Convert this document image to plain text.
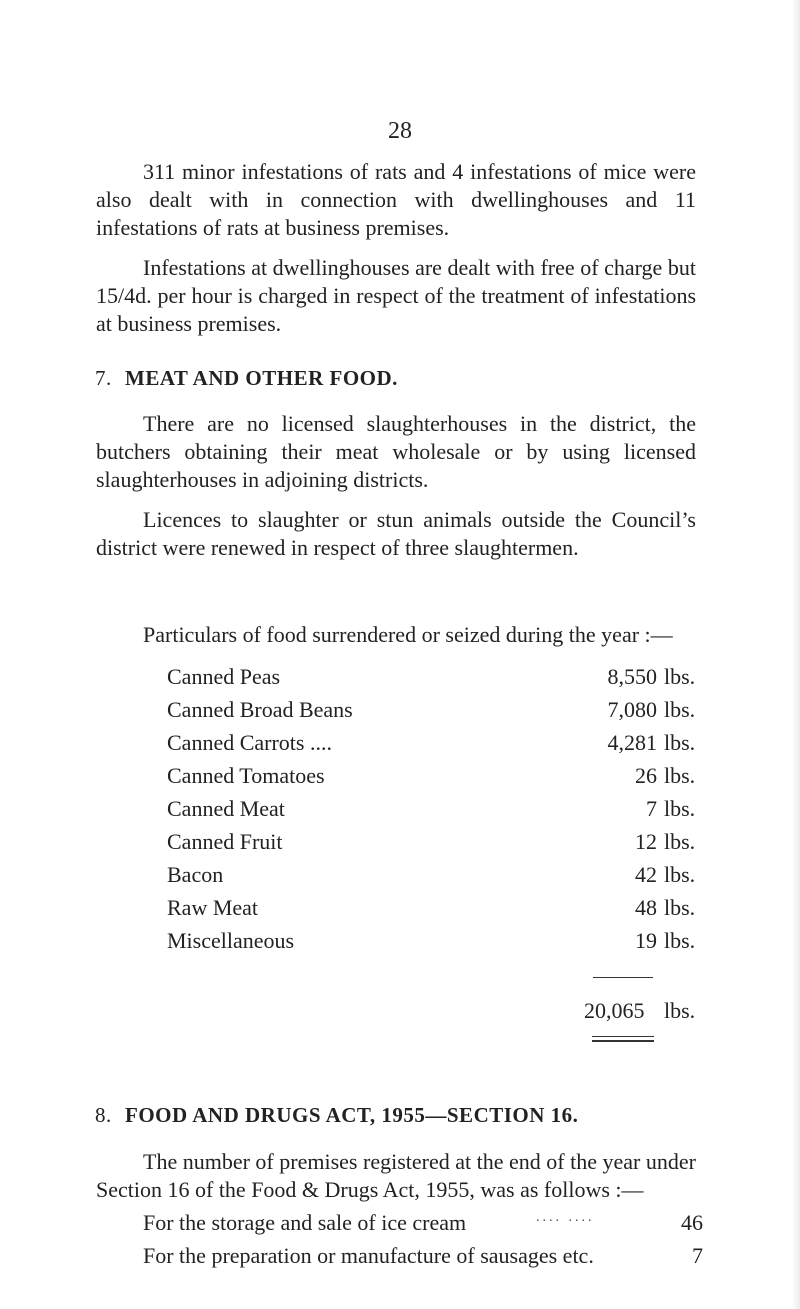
28

311 minor infestations of rats and 4 infestations of mice were also dealt with in connection with dwellinghouses and 11 infestations of rats at business premises.

Infestations at dwellinghouses are dealt with free of charge but 15/4d. per hour is charged in respect of the treatment of infestations at business premises.

7. MEAT AND OTHER FOOD.

There are no licensed slaughterhouses in the district, the butchers obtaining their meat wholesale or by using licensed slaughterhouses in adjoining districts.

Licences to slaughter or stun animals outside the Council’s district were renewed in respect of three slaughtermen.

Particulars of food surrendered or seized during the year :—
Canned Peas	8,550 lbs.
Canned Broad Beans	7,080 lbs.
Canned Carrots ....	4,281 lbs.
Canned Tomatoes	26 lbs.
Canned Meat	7 lbs.
Canned Fruit	12 lbs.
Bacon	42 lbs.
Raw Meat	48 lbs.
Miscellaneous	19 lbs.
20,065 lbs.
8. FOOD AND DRUGS ACT, 1955—SECTION 16.

The number of premises registered at the end of the year under Section 16 of the Food & Drugs Act, 1955, was as follows :—

For the storage and sale of ice cream	.... ....	46
For the preparation or manufacture of sausages etc.	7
